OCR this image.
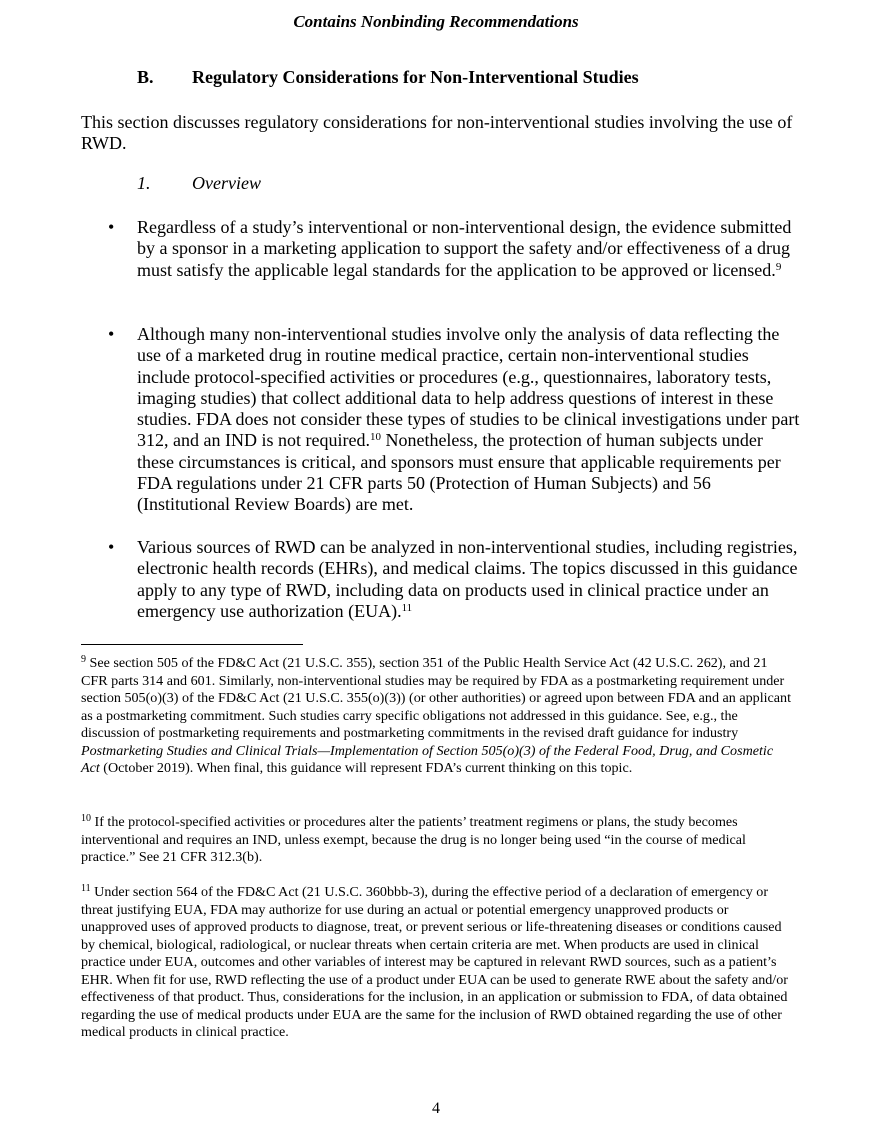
Contains Nonbinding Recommendations
B. Regulatory Considerations for Non-Interventional Studies
This section discusses regulatory considerations for non-interventional studies involving the use of RWD.
1. Overview
• Regardless of a study’s interventional or non-interventional design, the evidence submitted by a sponsor in a marketing application to support the safety and/or effectiveness of a drug must satisfy the applicable legal standards for the application to be approved or licensed.$^9$
• Although many non-interventional studies involve only the analysis of data reflecting the use of a marketed drug in routine medical practice, certain non-interventional studies include protocol-specified activities or procedures (e.g., questionnaires, laboratory tests, imaging studies) that collect additional data to help address questions of interest in these studies. FDA does not consider these types of studies to be clinical investigations under part 312, and an IND is not required.$^{10}$ Nonetheless, the protection of human subjects under these circumstances is critical, and sponsors must ensure that applicable requirements per FDA regulations under 21 CFR parts 50 (Protection of Human Subjects) and 56 (Institutional Review Boards) are met.
• Various sources of RWD can be analyzed in non-interventional studies, including registries, electronic health records (EHRs), and medical claims. The topics discussed in this guidance apply to any type of RWD, including data on products used in clinical practice under an emergency use authorization (EUA).$^{11}$
$^9$ See section 505 of the FD&C Act (21 U.S.C. 355), section 351 of the Public Health Service Act (42 U.S.C. 262), and 21 CFR parts 314 and 601. Similarly, non-interventional studies may be required by FDA as a postmarketing requirement under section 505(o)(3) of the FD&C Act (21 U.S.C. 355(o)(3)) (or other authorities) or agreed upon between FDA and an applicant as a postmarketing commitment. Such studies carry specific obligations not addressed in this guidance. See, e.g., the discussion of postmarketing requirements and postmarketing commitments in the revised draft guidance for industry Postmarketing Studies and Clinical Trials—Implementation of Section 505(o)(3) of the Federal Food, Drug, and Cosmetic Act (October 2019). When final, this guidance will represent FDA’s current thinking on this topic.
$^{10}$ If the protocol-specified activities or procedures alter the patients’ treatment regimens or plans, the study becomes interventional and requires an IND, unless exempt, because the drug is no longer being used “in the course of medical practice.” See 21 CFR 312.3(b).
$^{11}$ Under section 564 of the FD&C Act (21 U.S.C. 360bbb-3), during the effective period of a declaration of emergency or threat justifying EUA, FDA may authorize for use during an actual or potential emergency unapproved products or unapproved uses of approved products to diagnose, treat, or prevent serious or life-threatening diseases or conditions caused by chemical, biological, radiological, or nuclear threats when certain criteria are met. When products are used in clinical practice under EUA, outcomes and other variables of interest may be captured in relevant RWD sources, such as a patient’s EHR. When fit for use, RWD reflecting the use of a product under EUA can be used to generate RWE about the safety and/or effectiveness of that product. Thus, considerations for the inclusion, in an application or submission to FDA, of data obtained regarding the use of medical products under EUA are the same for the inclusion of RWD obtained regarding the use of other medical products in clinical practice.
4
